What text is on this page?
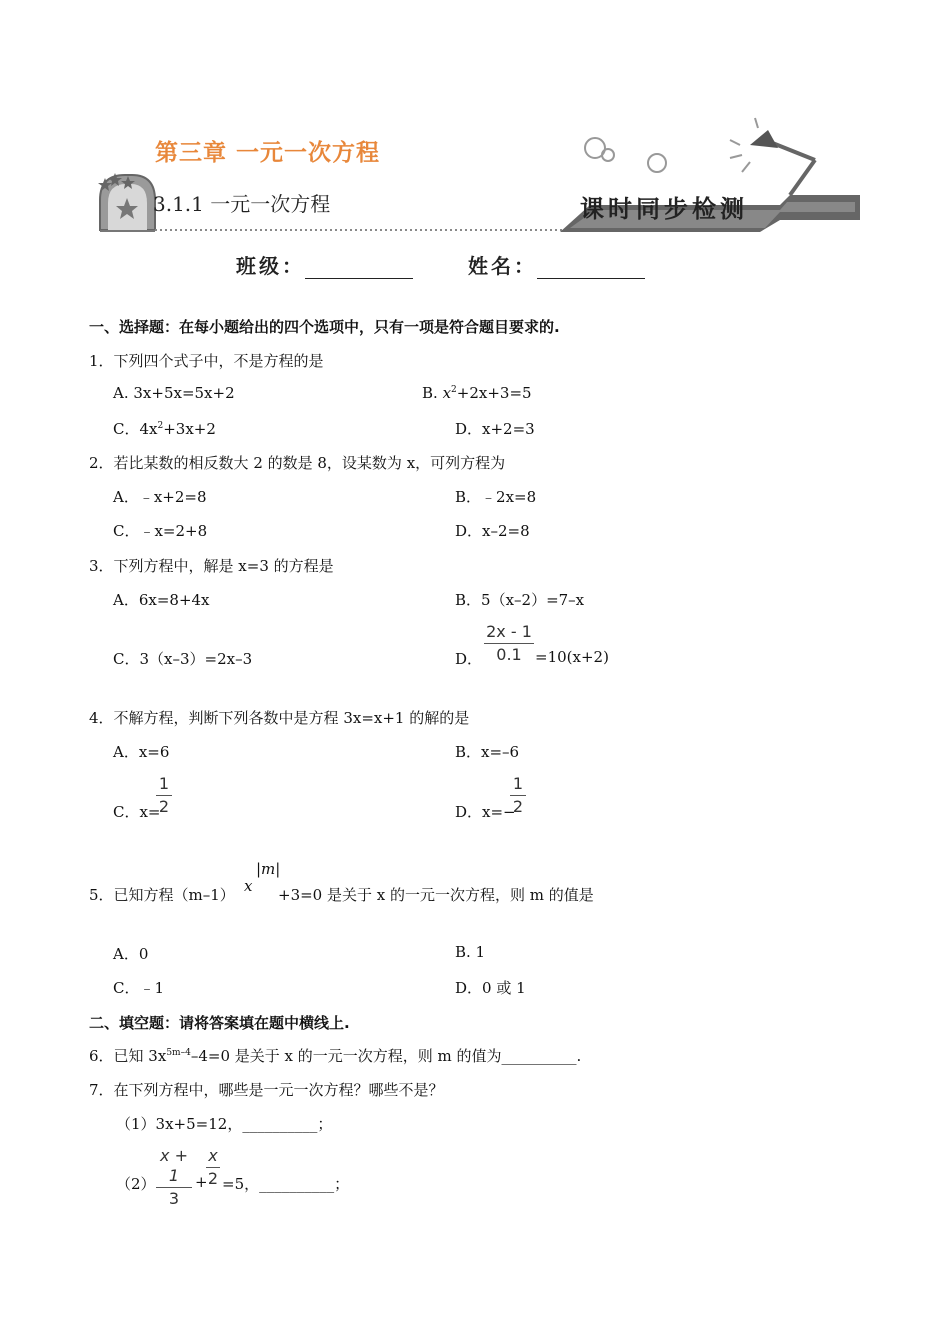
第三章 一元一次方程
3.1.1 一元一次方程	课时同步检测
班级：	姓名：
一、选择题：在每小题给出的四个选项中，只有一项是符合题目要求的.
1．下列四个式子中，不是方程的是
A. 3x+5x=5x+2	B. $x^2+2x+3=5$
C．$4x^2+3x+2$	D．x+2=3
2．若比某数的相反数大 2 的数是 8，设某数为 x，可列方程为
A．﹣x+2=8	B．﹣2x=8
C．﹣x=2+8	D．x–2=8
3．下列方程中，解是 x=3 的方程是
A．6x=8+4x	B．5（x–2）=7–x
C．3（x–3）=2x–3	D．
2x - 1
0.1 =10(x+2)
4．不解方程，判断下列各数中是方程 3x=x+1 的解的是
A．x=6	B．x=–6
C．x=
1
2	D．x=−
1
2
5．已知方程（m–1） x
|m|
+3=0 是关于 x 的一元一次方程，则 m 的值是
A．0	B. 1
C．﹣1	D．0 或 1
二、填空题：请将答案填在题中横线上.
6．已知 $3x^{5m-4}-4=0$ 是关于 x 的一元一次方程，则 m 的值为__________.
7．在下列方程中，哪些是一元一次方程？哪些不是？
（1）3x+5=12，__________；
（2）
x + 1
3
+
x
2 =5，__________；
